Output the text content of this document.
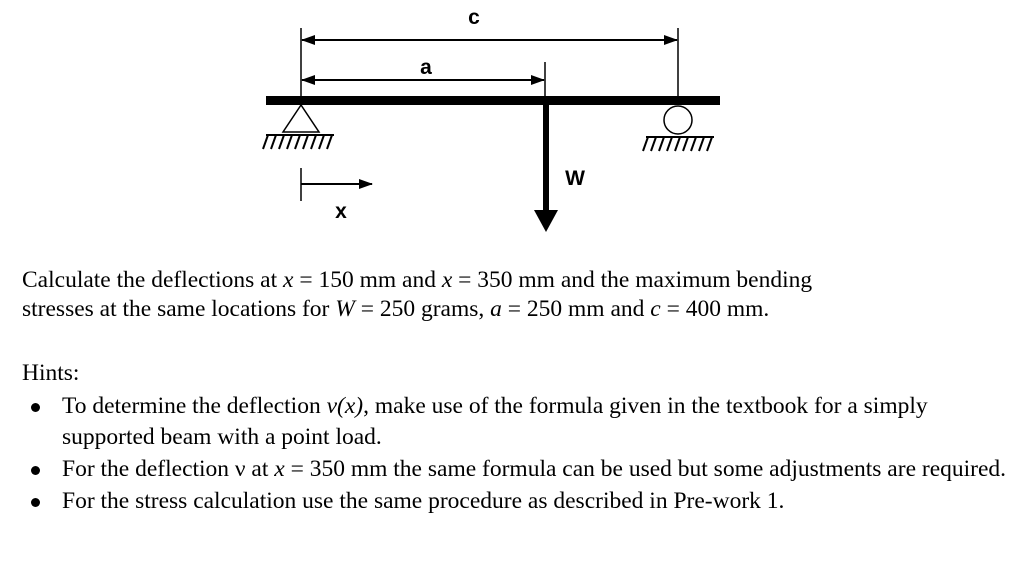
c
a
W
x

Calculate the deflections at x = 150 mm and x = 350 mm and the maximum bending

stresses at the same locations for W = 250 grams, a = 250 mm and c = 400 mm.

Hints:
To determine the deflection v(x), make use of the formula given in the textbook for a simply supported beam with a point load.
For the deflection ν at x = 350 mm the same formula can be used but some adjustments are required.
For the stress calculation use the same procedure as described in Pre-work 1.
